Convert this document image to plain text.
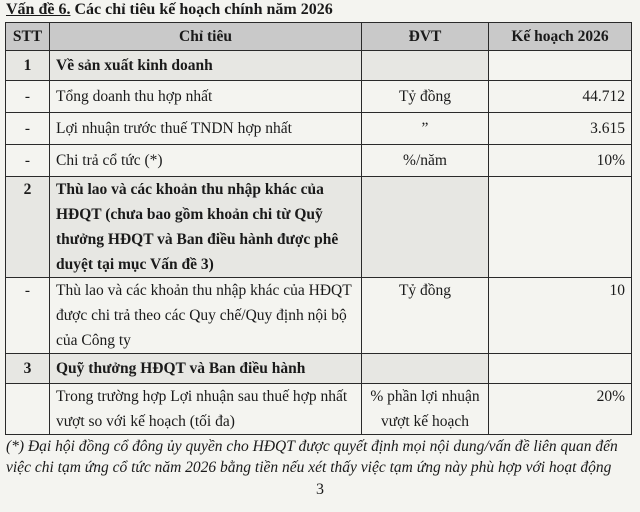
Vấn đề 6. Các chỉ tiêu kế hoạch chính năm 2026
STT	Chỉ tiêu	ĐVT	Kế hoạch 2026
1	Về sản xuất kinh doanh		
-	Tổng doanh thu hợp nhất	Tỷ đồng	44.712
-	Lợi nhuận trước thuế TNDN hợp nhất	”	3.615
-	Chi trả cổ tức (*)	%/năm	10%
2	Thù lao và các khoản thu nhập khác của HĐQT (chưa bao gồm khoản chi từ Quỹ thưởng HĐQT và Ban điều hành được phê duyệt tại mục Vấn đề 3)		
-	Thù lao và các khoản thu nhập khác của HĐQT được chi trả theo các Quy chế/Quy định nội bộ của Công ty	Tỷ đồng	10
3	Quỹ thưởng HĐQT và Ban điều hành		
	Trong trường hợp Lợi nhuận sau thuế hợp nhất vượt so với kế hoạch (tối đa)	% phần lợi nhuận vượt kế hoạch	20%
(*) Đại hội đồng cổ đông ủy quyền cho HĐQT được quyết định mọi nội dung/vấn đề liên quan đến việc chi tạm ứng cổ tức năm 2026 bằng tiền nếu xét thấy việc tạm ứng này phù hợp với hoạt động
3
